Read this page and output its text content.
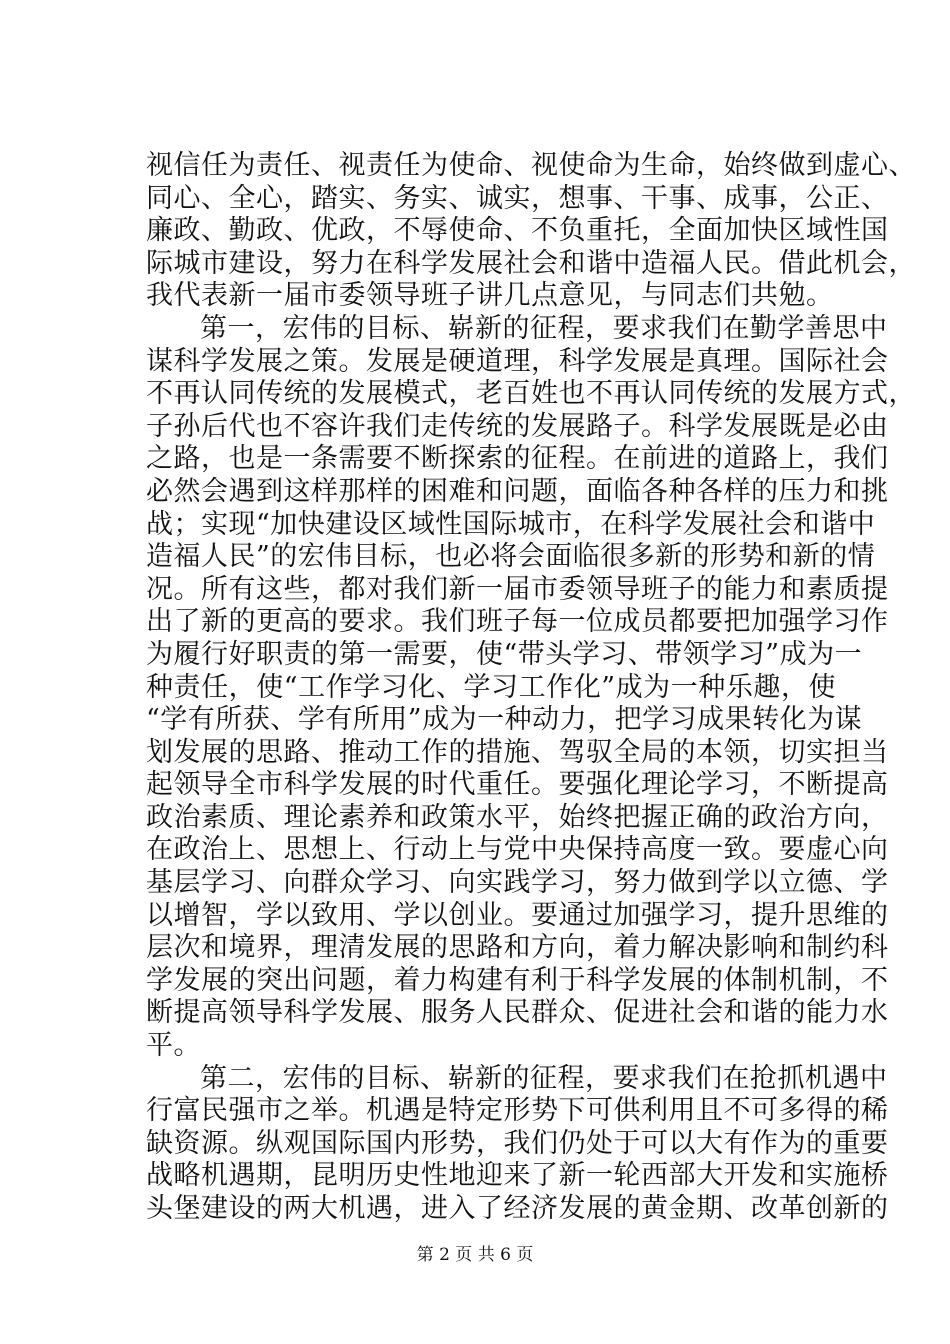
视信任为责任、视责任为使命、视使命为生命，始终做到虚心、
同心、全心，踏实、务实、诚实，想事、干事、成事，公正、
廉政、勤政、优政，不辱使命、不负重托，全面加快区域性国
际城市建设，努力在科学发展社会和谐中造福人民。借此机会，
我代表新一届市委领导班子讲几点意见，与同志们共勉。
第一，宏伟的目标、崭新的征程，要求我们在勤学善思中
谋科学发展之策。发展是硬道理，科学发展是真理。国际社会
不再认同传统的发展模式，老百姓也不再认同传统的发展方式，
子孙后代也不容许我们走传统的发展路子。科学发展既是必由
之路，也是一条需要不断探索的征程。在前进的道路上，我们
必然会遇到这样那样的困难和问题，面临各种各样的压力和挑
战；实现“加快建设区域性国际城市，在科学发展社会和谐中
造福人民”的宏伟目标，也必将会面临很多新的形势和新的情
况。所有这些，都对我们新一届市委领导班子的能力和素质提
出了新的更高的要求。我们班子每一位成员都要把加强学习作
为履行好职责的第一需要，使“带头学习、带领学习”成为一
种责任，使“工作学习化、学习工作化”成为一种乐趣，使
“学有所获、学有所用”成为一种动力，把学习成果转化为谋
划发展的思路、推动工作的措施、驾驭全局的本领，切实担当
起领导全市科学发展的时代重任。要强化理论学习，不断提高
政治素质、理论素养和政策水平，始终把握正确的政治方向，
在政治上、思想上、行动上与党中央保持高度一致。要虚心向
基层学习、向群众学习、向实践学习，努力做到学以立德、学
以增智，学以致用、学以创业。要通过加强学习，提升思维的
层次和境界，理清发展的思路和方向，着力解决影响和制约科
学发展的突出问题，着力构建有利于科学发展的体制机制，不
断提高领导科学发展、服务人民群众、促进社会和谐的能力水
平。
第二，宏伟的目标、崭新的征程，要求我们在抢抓机遇中
行富民强市之举。机遇是特定形势下可供利用且不可多得的稀
缺资源。纵观国际国内形势，我们仍处于可以大有作为的重要
战略机遇期，昆明历史性地迎来了新一轮西部大开发和实施桥
头堡建设的两大机遇，进入了经济发展的黄金期、改革创新的
第 2 页 共 6 页
